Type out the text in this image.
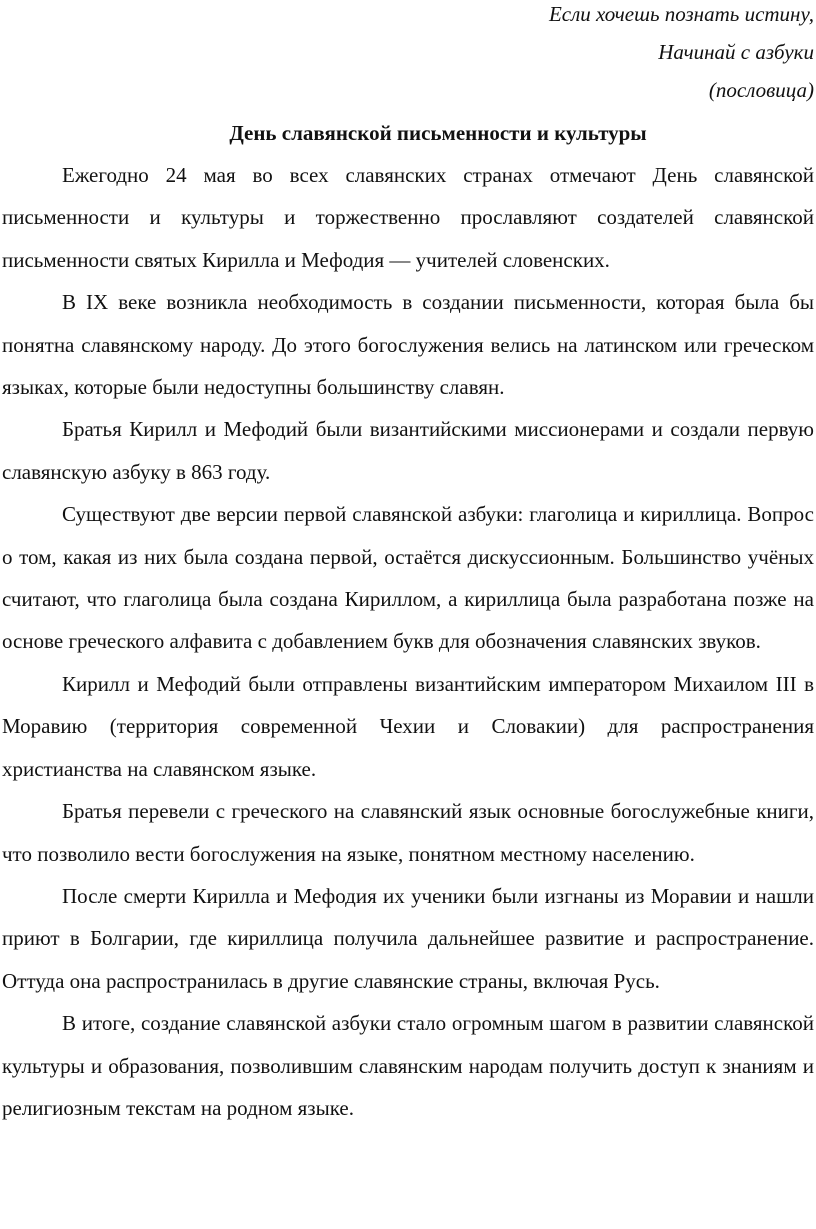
Если хочешь познать истину,
Начинай с азбуки
(пословица)
День славянской письменности и культуры

Ежегодно 24 мая во всех славянских странах отмечают День славянской письменности и культуры и торжественно прославляют создателей славянской письменности святых Кирилла и Мефодия — учителей словенских.

В IX веке возникла необходимость в создании письменности, которая была бы понятна славянскому народу. До этого богослужения велись на латинском или греческом языках, которые были недоступны большинству славян.

Братья Кирилл и Мефодий были византийскими миссионерами и создали первую славянскую азбуку в 863 году.

Существуют две версии первой славянской азбуки: глаголица и кириллица. Вопрос о том, какая из них была создана первой, остаётся дискуссионным. Большинство учёных считают, что глаголица была создана Кириллом, а кириллица была разработана позже на основе греческого алфавита с добавлением букв для обозначения славянских звуков.

Кирилл и Мефодий были отправлены византийским императором Михаилом III в Моравию (территория современной Чехии и Словакии) для распространения христианства на славянском языке.

Братья перевели с греческого на славянский язык основные богослужебные книги, что позволило вести богослужения на языке, понятном местному населению.

После смерти Кирилла и Мефодия их ученики были изгнаны из Моравии и нашли приют в Болгарии, где кириллица получила дальнейшее развитие и распространение. Оттуда она распространилась в другие славянские страны, включая Русь.

В итоге, создание славянской азбуки стало огромным шагом в развитии славянской культуры и образования, позволившим славянским народам получить доступ к знаниям и религиозным текстам на родном языке.
